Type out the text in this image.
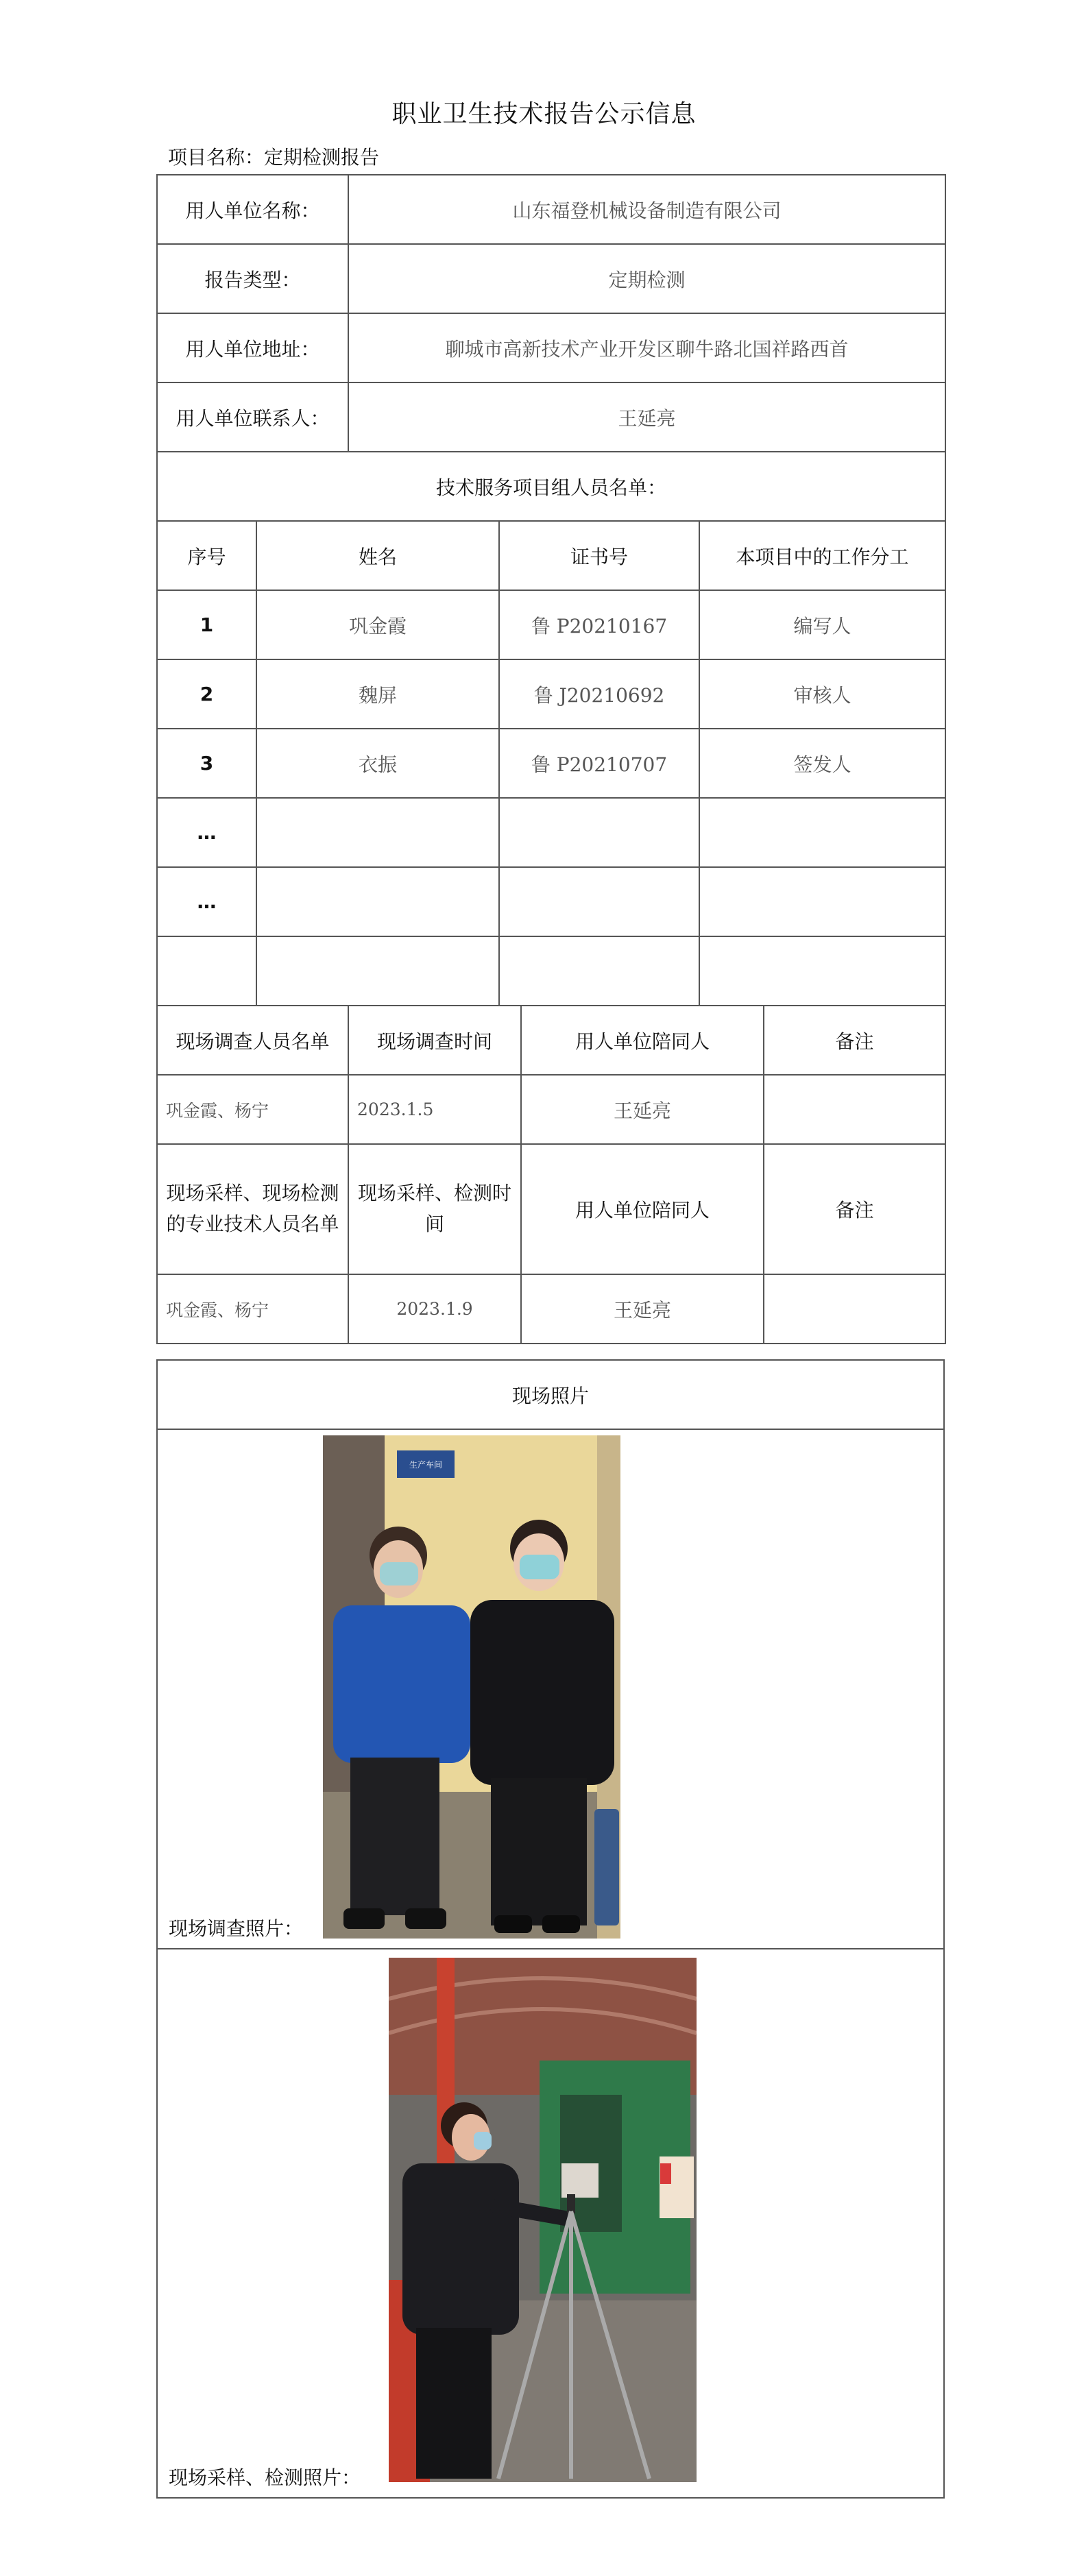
职业卫生技术报告公示信息
项目名称：定期检测报告
用人单位名称：		山东福登机械设备制造有限公司				
报告类型：		定期检测				
用人单位地址：		聊城市高新技术产业开发区聊牛路北国祥路西首				
用人单位联系人：		王延亮				
技术服务项目组人员名单：						
序号	姓名		证书号		本项目中的工作分工	
1	巩金霞		鲁 P20210167		编写人	
2	魏屏		鲁 J20210692		审核人	
3	衣振		鲁 P20210707		签发人	
…						
…						

现场调查人员名单		现场调查时间		用人单位陪同人		备注
巩金霞、杨宁		2023.1.5		王延亮		
现场采样、现场检测的专业技术人员名单		现场采样、检测时间		用人单位陪同人		备注
巩金霞、杨宁		2023.1.9		王延亮		
现场照片

生产车间
现场调查照片：

现场采样、检测照片：
